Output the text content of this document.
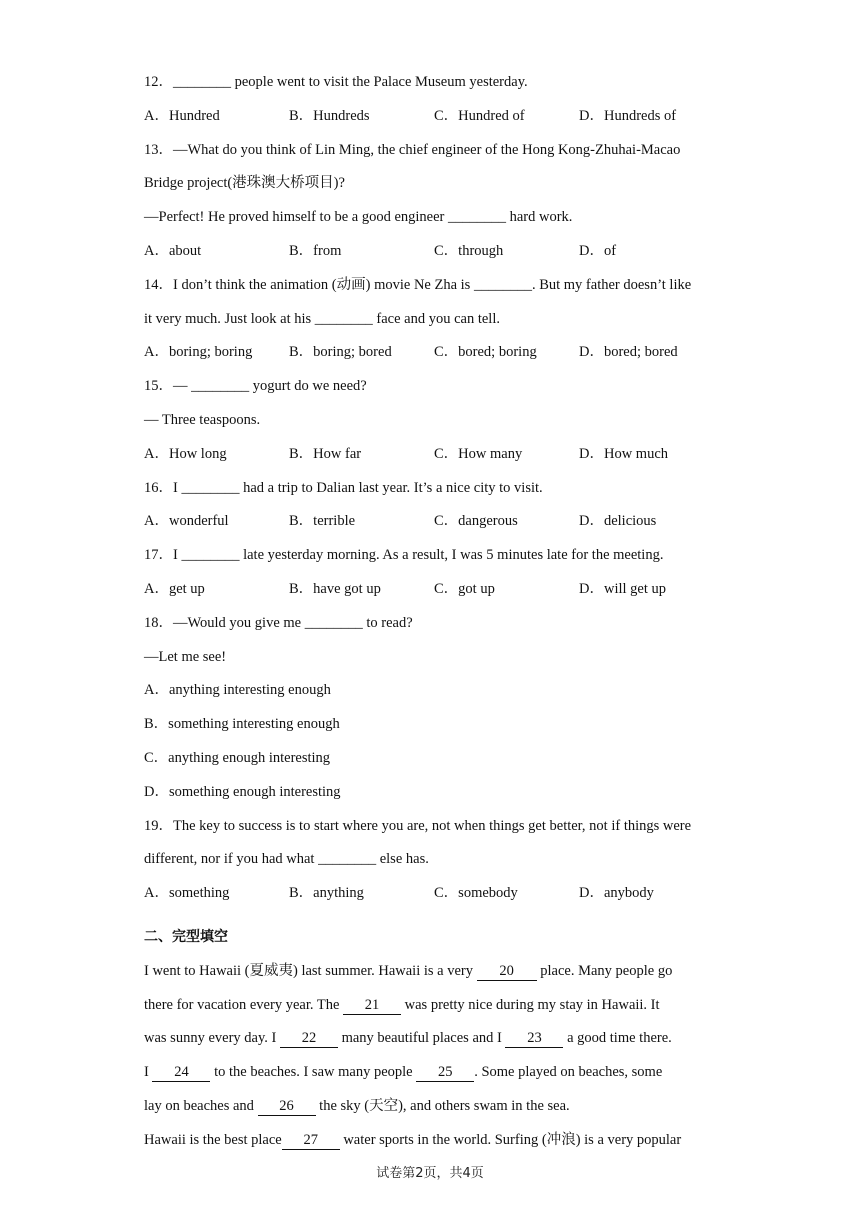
12．________ people went to visit the Palace Museum yesterday.
A．Hundred	B．Hundreds	C．Hundred of	D．Hundreds of
13．—What do you think of Lin Ming, the chief engineer of the Hong Kong-Zhuhai-Macao
Bridge project(港珠澳大桥项目)?
—Perfect! He proved himself to be a good engineer ________ hard work.
A．about	B．from	C．through	D．of
14．I don’t think the animation (动画) movie Ne Zha is ________. But my father doesn’t like
it very much. Just look at his ________ face and you can tell.
A．boring; boring	B．boring; bored	C．bored; boring	D．bored; bored
15．— ________ yogurt do we need?
— Three teaspoons.
A．How long	B．How far	C．How many	D．How much
16．I ________ had a trip to Dalian last year. It’s a nice city to visit.
A．wonderful	B．terrible	C．dangerous	D．delicious
17．I ________ late yesterday morning. As a result, I was 5 minutes late for the meeting.
A．get up	B．have got up	C．got up	D．will get up
18．—Would you give me ________ to read?
—Let me see!
A．anything interesting enough
B．something interesting enough
C．anything enough interesting
D．something enough interesting
19．The key to success is to start where you are, not when things get better, not if things were
different, nor if you had what ________ else has.
A．something	B．anything	C．somebody	D．anybody
二、完型填空
I went to Hawaii (夏威夷) last summer. Hawaii is a very 20 place. Many people go
there for vacation every year. The 21 was pretty nice during my stay in Hawaii. It
was sunny every day. I 22 many beautiful places and I 23 a good time there.
I 24 to the beaches. I saw many people 25 . Some played on beaches, some
lay on beaches and 26 the sky (天空), and others swam in the sea.
Hawaii is the best place 27 water sports in the world. Surfing (冲浪) is a very popular
试卷第2页，共4页
